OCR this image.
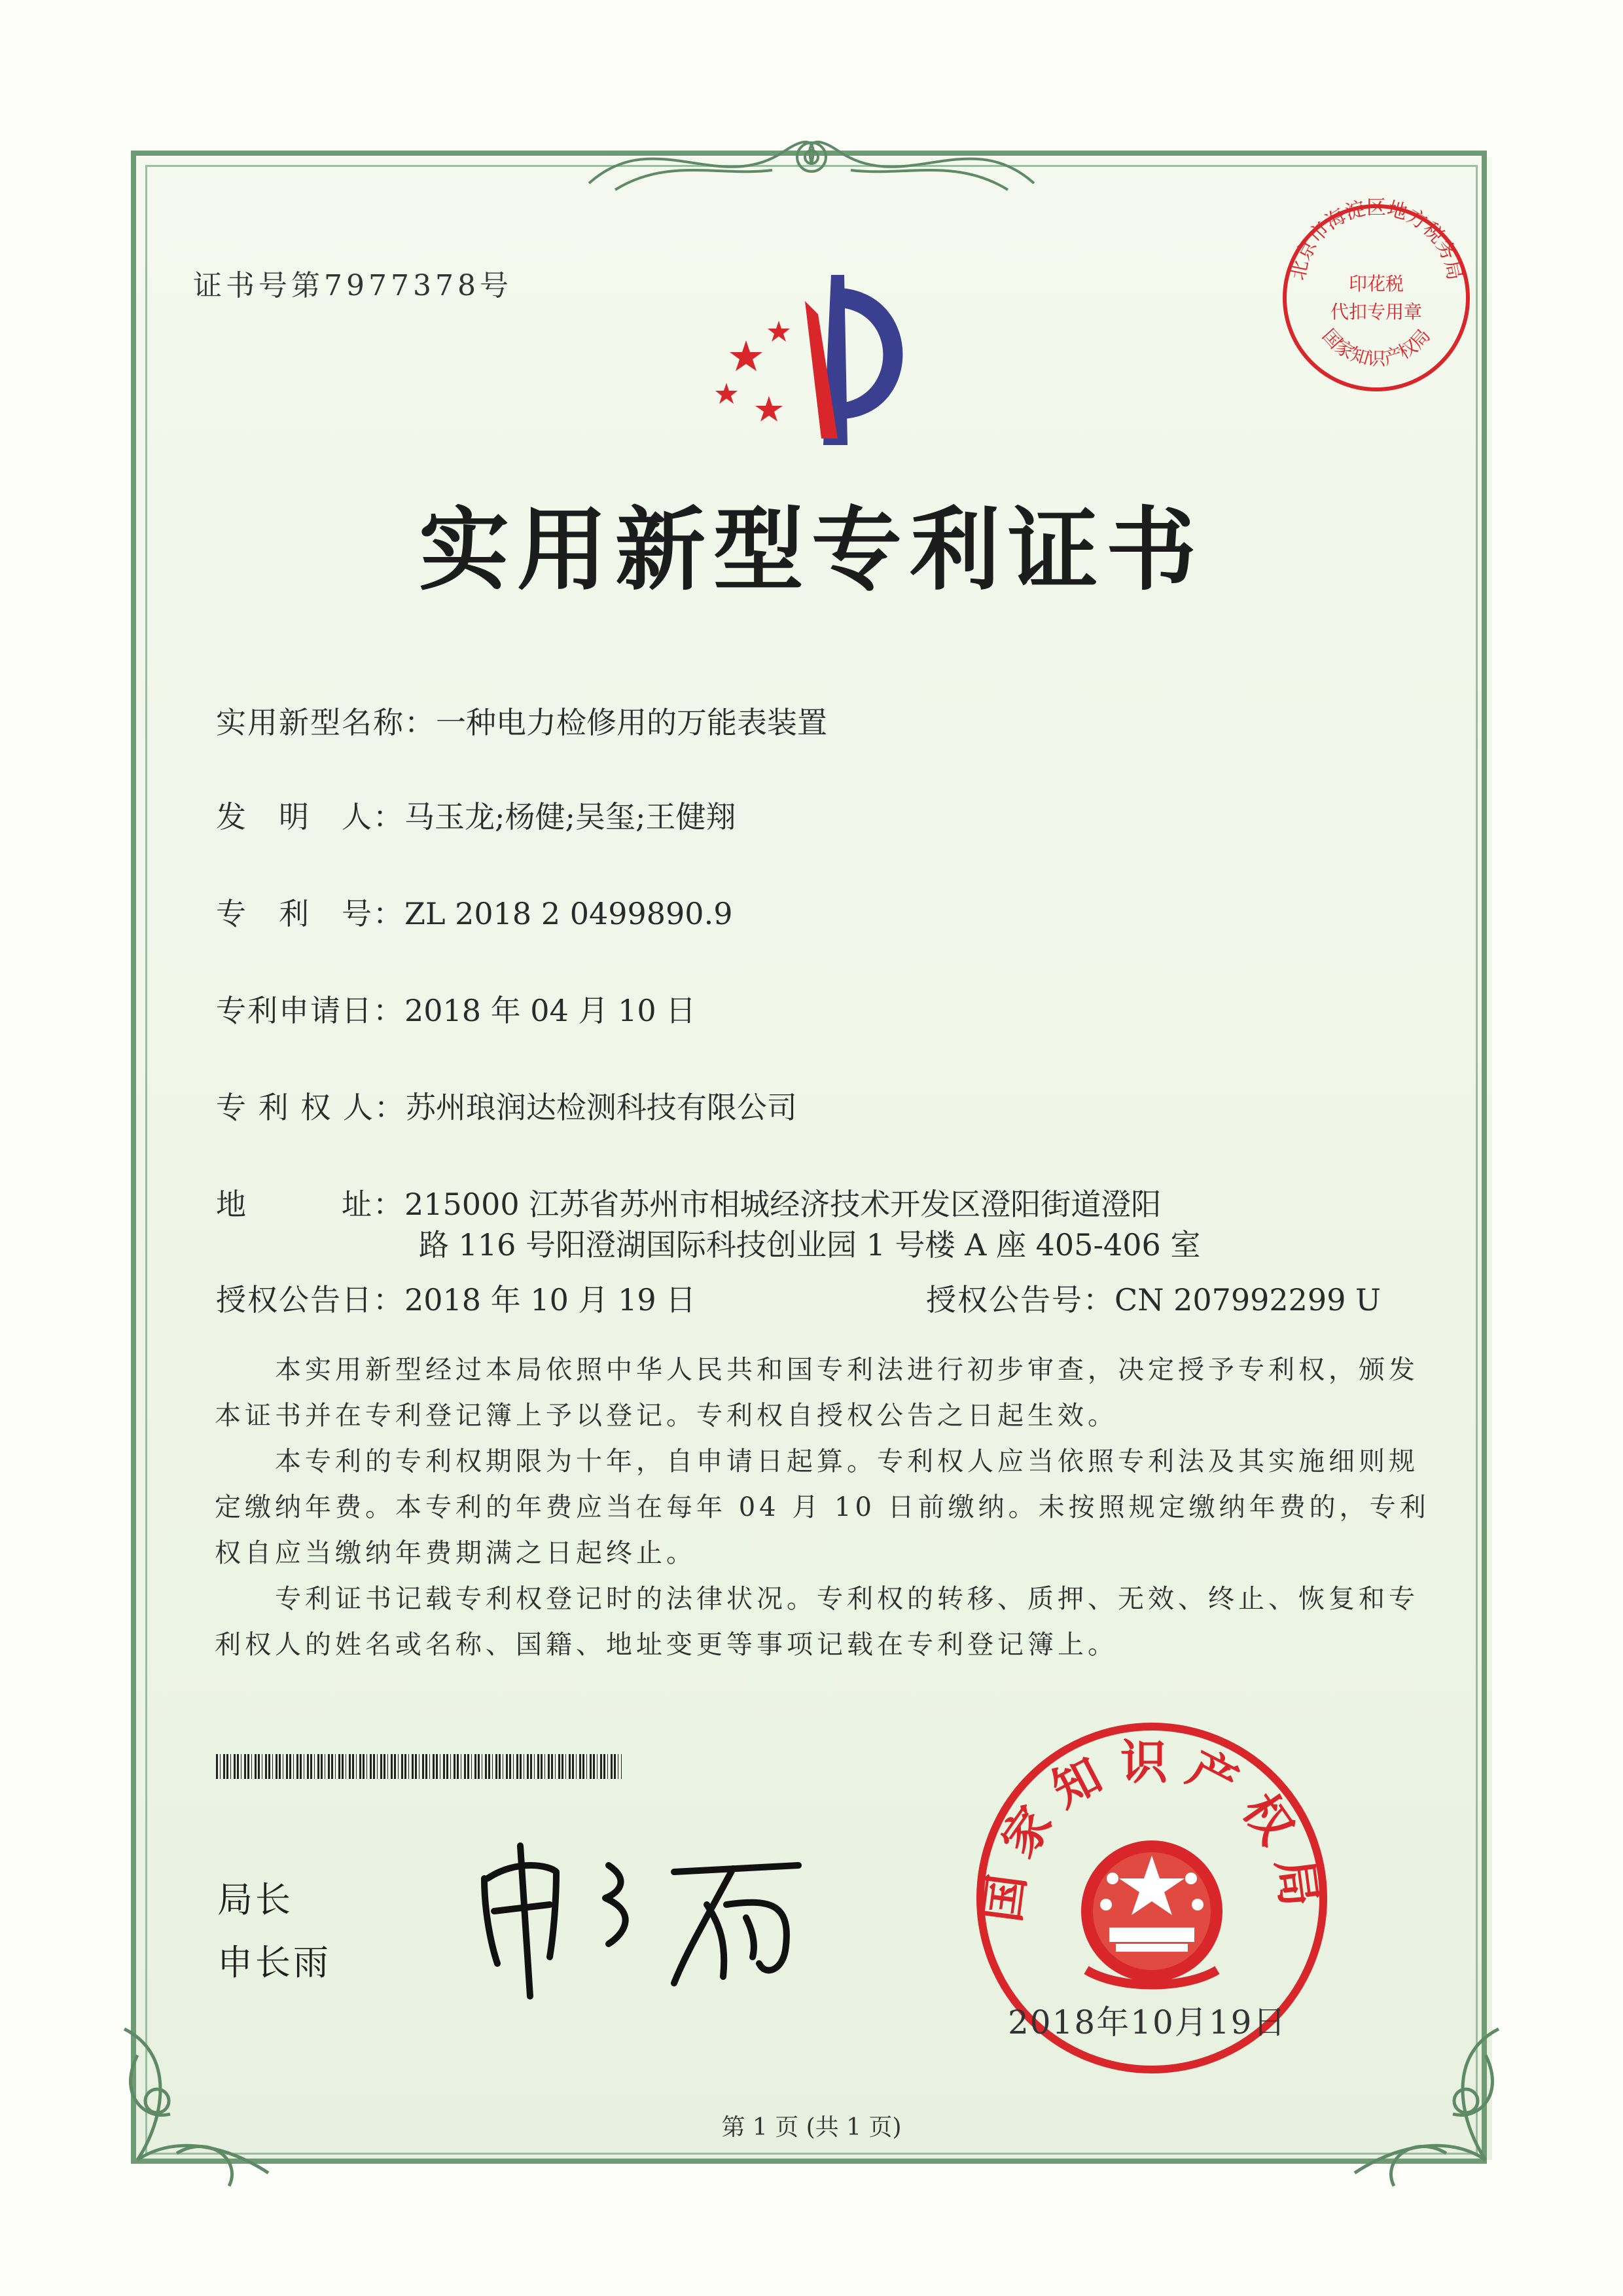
证书号第7977378号	北京市海淀区地方税务局
国家知识产权局
印花税
代扣专用章
实用新型专利证书
实用新型名称：一种电力检修用的万能表装置
发　明　人：马玉龙;杨健;吴玺;王健翔
专　利　号：ZL 2018 2 0499890.9
专利申请日：2018 年 04 月 10 日
专 利 权 人：苏州琅润达检测科技有限公司
地　　　址：215000 江苏省苏州市相城经济技术开发区澄阳街道澄阳
路 116 号阳澄湖国际科技创业园 1 号楼 A 座 405-406 室
授权公告日：2018 年 10 月 19 日	授权公告号：CN 207992299 U
本实用新型经过本局依照中华人民共和国专利法进行初步审查，决定授予专利权，颁发本证书并在专利登记簿上予以登记。专利权自授权公告之日起生效。
本专利的专利权期限为十年，自申请日起算。专利权人应当依照专利法及其实施细则规定缴纳年费。本专利的年费应当在每年 04 月 10 日前缴纳。未按照规定缴纳年费的，专利权自应当缴纳年费期满之日起终止。
专利证书记载专利权登记时的法律状况。专利权的转移、质押、无效、终止、恢复和专利权人的姓名或名称、国籍、地址变更等事项记载在专利登记簿上。
局长
申长雨
国家知识产权局
2018年10月19日
第 1 页 (共 1 页)
